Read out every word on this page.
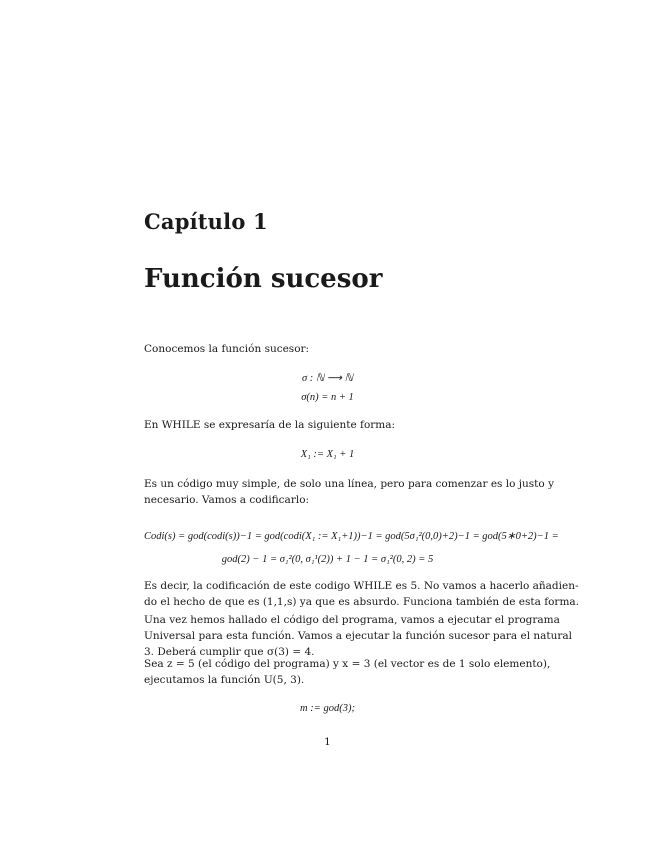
Capítulo 1
Función sucesor
Conocemos la función sucesor:
σ : ℕ ⟶ ℕ
σ(n) = n + 1
En WHILE se expresaría de la siguiente forma:
X₁ := X₁ + 1
Es un código muy simple, de solo una línea, pero para comenzar es lo justo y
necesario. Vamos a codificarlo:
Codi(s) = god(codi(s))−1 = god(codi(X₁ := X₁+1))−1 = god(5σ₁²(0,0)+2)−1 = god(5∗0+2)−1 =
god(2) − 1 = σ₁²(0, σ₁¹(2)) + 1 − 1 = σ₁²(0, 2) = 5
Es decir, la codificación de este codigo WHILE es 5. No vamos a hacerlo añadien-
do el hecho de que es (1,1,s) ya que es absurdo. Funciona también de esta forma.
Una vez hemos hallado el código del programa, vamos a ejecutar el programa
Universal para esta función. Vamos a ejecutar la función sucesor para el natural
3. Deberá cumplir que σ(3) = 4.
Sea z = 5 (el código del programa) y x = 3 (el vector es de 1 solo elemento),
ejecutamos la función U(5, 3).
m := god(3);
1
